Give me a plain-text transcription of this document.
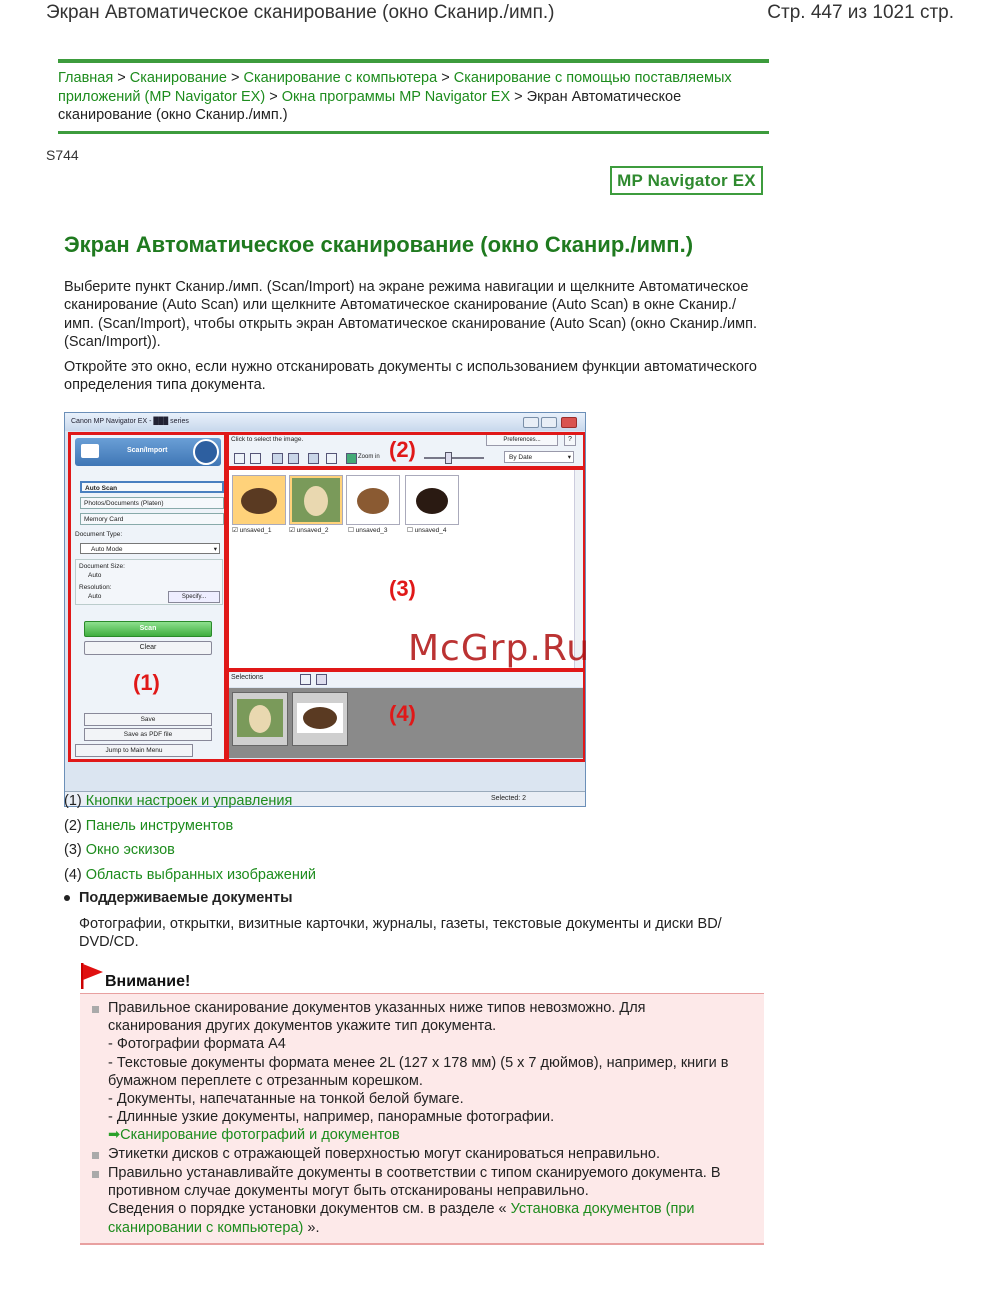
Экран Автоматическое сканирование (окно Сканир./имп.)	Стр. 447 из 1021 стр.
Главная > Сканирование > Сканирование с компьютера > Сканирование с помощью поставляемых приложений (MP Navigator EX) > Окна программы MP Navigator EX > Экран Автоматическое сканирование (окно Сканир./имп.)
S744
MP Navigator EX
Экран Автоматическое сканирование (окно Сканир./имп.)
Выберите пункт Сканир./имп. (Scan/Import) на экране режима навигации и щелкните Автоматическое сканирование (Auto Scan) или щелкните Автоматическое сканирование (Auto Scan) в окне Сканир./имп. (Scan/Import), чтобы открыть экран Автоматическое сканирование (Auto Scan) (окно Сканир./имп. (Scan/Import)).
Откройте это окно, если нужно отсканировать документы с использованием функции автоматического определения типа документа.
Canon MP Navigator EX - ███ series
Scan/Import
Auto Scan
Photos/Documents (Platen)
Memory Card
Document Type:
Auto Mode	▾
Document Size:
Auto
Resolution:
Auto	Specify...
Scan
Clear
Save
Save as PDF file
Jump to Main Menu
Click to select the image.	Preferences...	?
Zoom in	By Date	▾
☑ unsaved_1	☑ unsaved_2	☐ unsaved_3	☐ unsaved_4
Selections
Selected: 2
(1)
(2)
(3)
(4)
McGrp.Ru
(1) Кнопки настроек и управления
(2) Панель инструментов
(3) Окно эскизов
(4) Область выбранных изображений
Поддерживаемые документы
Фотографии, открытки, визитные карточки, журналы, газеты, текстовые документы и диски BD/ DVD/CD.
Внимание!
Правильное сканирование документов указанных ниже типов невозможно. Для
сканирования других документов укажите тип документа.
- Фотографии формата A4
- Текстовые документы формата менее 2L (127 x 178 мм) (5 x 7 дюймов), например, книги в
бумажном переплете с отрезанным корешком.
- Документы, напечатанные на тонкой белой бумаге.
- Длинные узкие документы, например, панорамные фотографии.
➡Сканирование фотографий и документов
Этикетки дисков с отражающей поверхностью могут сканироваться неправильно.
Правильно устанавливайте документы в соответствии с типом сканируемого документа. В
противном случае документы могут быть отсканированы неправильно.
Сведения о порядке установки документов см. в разделе « Установка документов (при
сканировании с компьютера) ».
